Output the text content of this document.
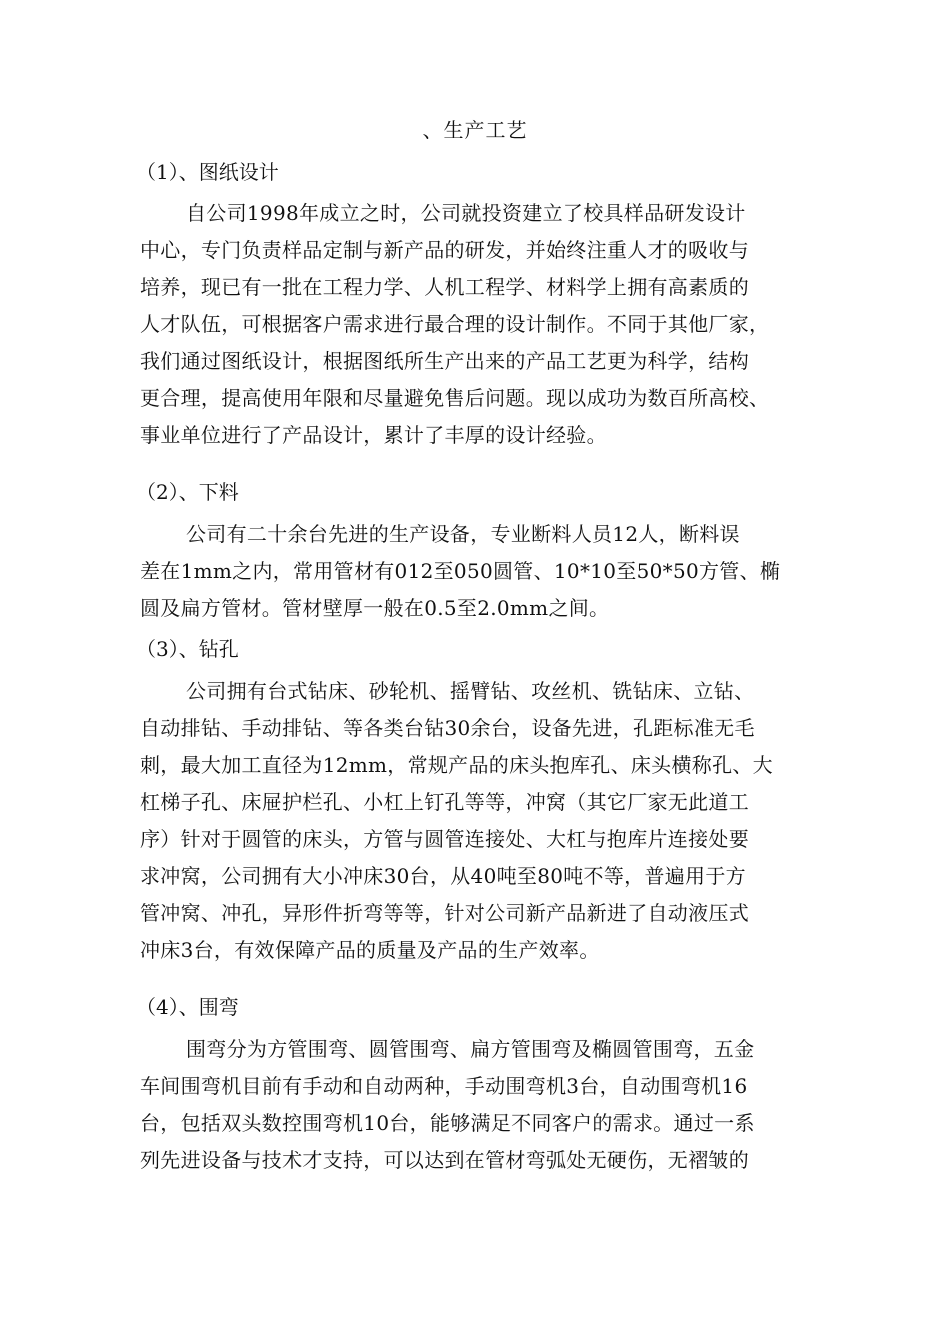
、生产工艺
（1）、图纸设计
自公司1998年成立之时，公司就投资建立了校具样品研发设计
中心，专门负责样品定制与新产品的研发，并始终注重人才的吸收与
培养，现已有一批在工程力学、人机工程学、材料学上拥有高素质的
人才队伍，可根据客户需求进行最合理的设计制作。不同于其他厂家，
我们通过图纸设计，根据图纸所生产出来的产品工艺更为科学，结构
更合理，提高使用年限和尽量避免售后问题。现以成功为数百所高校、
事业单位进行了产品设计，累计了丰厚的设计经验。
（2）、下料
公司有二十余台先进的生产设备，专业断料人员12人，断料误
差在1mm之内，常用管材有012至050圆管、10*10至50*50方管、椭
圆及扁方管材。管材壁厚一般在0.5至2.0mm之间。
（3）、钻孔
公司拥有台式钻床、砂轮机、摇臂钻、攻丝机、铣钻床、立钻、
自动排钻、手动排钻、等各类台钻30余台，设备先进，孔距标准无毛
刺，最大加工直径为12mm，常规产品的床头抱库孔、床头横称孔、大
杠梯子孔、床屉护栏孔、小杠上钉孔等等，冲窝（其它厂家无此道工
序）针对于圆管的床头，方管与圆管连接处、大杠与抱库片连接处要
求冲窝，公司拥有大小冲床30台，从40吨至80吨不等，普遍用于方
管冲窝、冲孔，异形件折弯等等，针对公司新产品新进了自动液压式
冲床3台，有效保障产品的质量及产品的生产效率。
（4）、围弯
围弯分为方管围弯、圆管围弯、扁方管围弯及椭圆管围弯，五金
车间围弯机目前有手动和自动两种，手动围弯机3台，自动围弯机16
台，包括双头数控围弯机10台，能够满足不同客户的需求。通过一系
列先进设备与技术才支持，可以达到在管材弯弧处无硬伤，无褶皱的
